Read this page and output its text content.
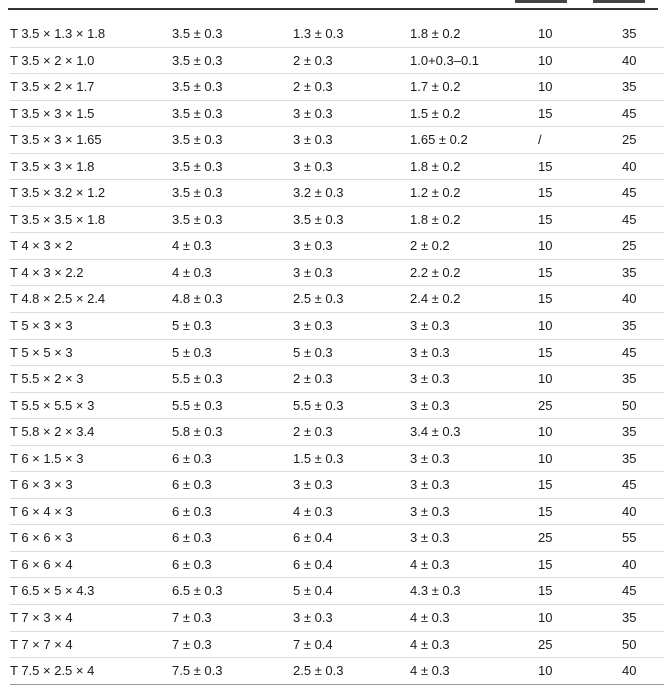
T 3.5 × 1.3 × 1.8	3.5 ± 0.3	1.3 ± 0.3	1.8 ± 0.2	10	35
T 3.5 × 2 × 1.0	3.5 ± 0.3	2 ± 0.3	1.0+0.3–0.1	10	40
T 3.5 × 2 × 1.7	3.5 ± 0.3	2 ± 0.3	1.7 ± 0.2	10	35
T 3.5 × 3 × 1.5	3.5 ± 0.3	3 ± 0.3	1.5 ± 0.2	15	45
T 3.5 × 3 × 1.65	3.5 ± 0.3	3 ± 0.3	1.65 ± 0.2	/	25
T 3.5 × 3 × 1.8	3.5 ± 0.3	3 ± 0.3	1.8 ± 0.2	15	40
T 3.5 × 3.2 × 1.2	3.5 ± 0.3	3.2 ± 0.3	1.2 ± 0.2	15	45
T 3.5 × 3.5 × 1.8	3.5 ± 0.3	3.5 ± 0.3	1.8 ± 0.2	15	45
T 4 × 3 × 2	4 ± 0.3	3 ± 0.3	2 ± 0.2	10	25
T 4 × 3 × 2.2	4 ± 0.3	3 ± 0.3	2.2 ± 0.2	15	35
T 4.8 × 2.5 × 2.4	4.8 ± 0.3	2.5 ± 0.3	2.4 ± 0.2	15	40
T 5 × 3 × 3	5 ± 0.3	3 ± 0.3	3 ± 0.3	10	35
T 5 × 5 × 3	5 ± 0.3	5 ± 0.3	3 ± 0.3	15	45
T 5.5 × 2 × 3	5.5 ± 0.3	2 ± 0.3	3 ± 0.3	10	35
T 5.5 × 5.5 × 3	5.5 ± 0.3	5.5 ± 0.3	3 ± 0.3	25	50
T 5.8 × 2 × 3.4	5.8 ± 0.3	2 ± 0.3	3.4 ± 0.3	10	35
T 6 × 1.5 × 3	6 ± 0.3	1.5 ± 0.3	3 ± 0.3	10	35
T 6 × 3 × 3	6 ± 0.3	3 ± 0.3	3 ± 0.3	15	45
T 6 × 4 × 3	6 ± 0.3	4 ± 0.3	3 ± 0.3	15	40
T 6 × 6 × 3	6 ± 0.3	6 ± 0.4	3 ± 0.3	25	55
T 6 × 6 × 4	6 ± 0.3	6 ± 0.4	4 ± 0.3	15	40
T 6.5 × 5 × 4.3	6.5 ± 0.3	5 ± 0.4	4.3 ± 0.3	15	45
T 7 × 3 × 4	7 ± 0.3	3 ± 0.3	4 ± 0.3	10	35
T 7 × 7 × 4	7 ± 0.3	7 ± 0.4	4 ± 0.3	25	50
T 7.5 × 2.5 × 4	7.5 ± 0.3	2.5 ± 0.3	4 ± 0.3	10	40
